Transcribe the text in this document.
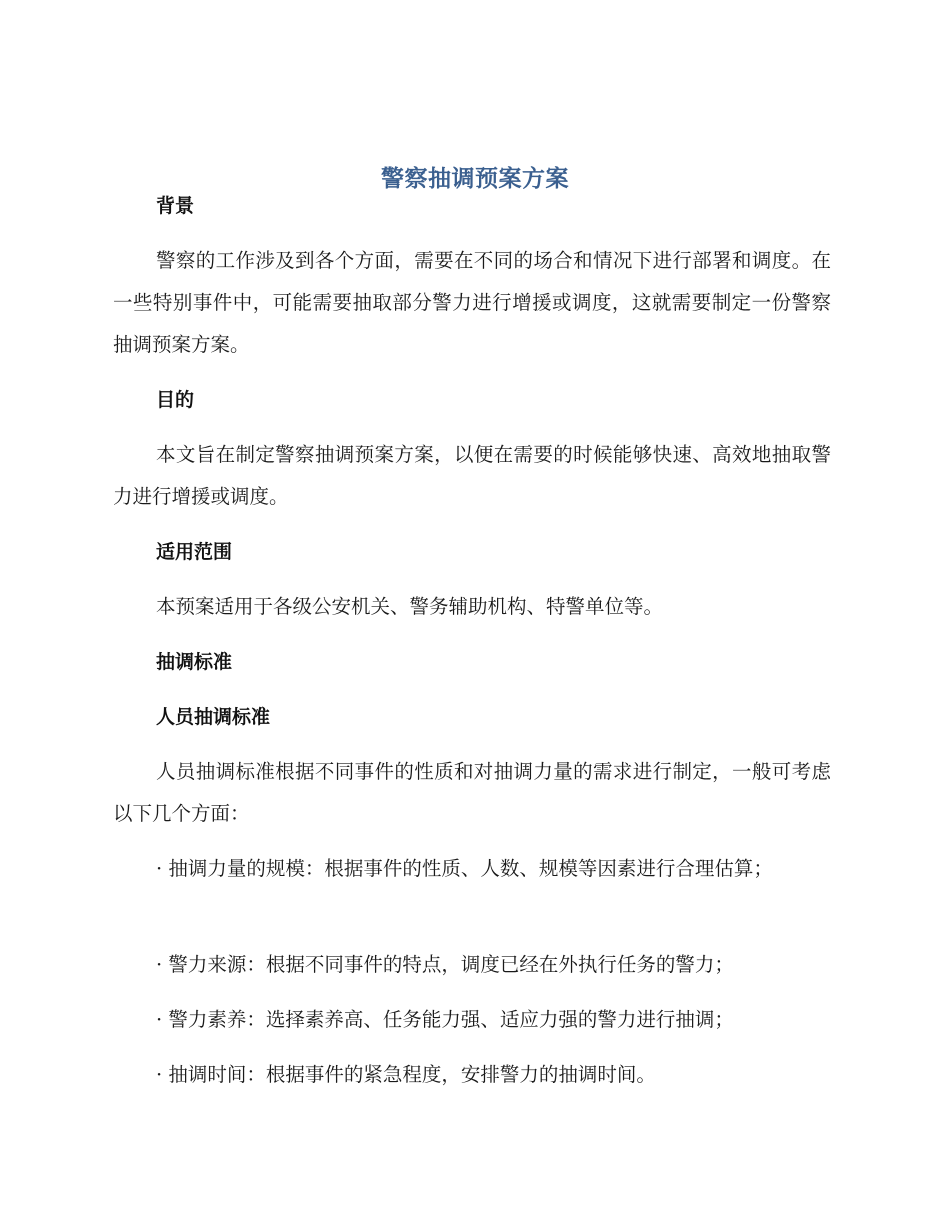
警察抽调预案方案
背景

警察的工作涉及到各个方面，需要在不同的场合和情况下进行部署和调度。在一些特别事件中，可能需要抽取部分警力进行增援或调度，这就需要制定一份警察抽调预案方案。

目的

本文旨在制定警察抽调预案方案，以便在需要的时候能够快速、高效地抽取警力进行增援或调度。

适用范围

本预案适用于各级公安机关、警务辅助机构、特警单位等。

抽调标准
人员抽调标准

人员抽调标准根据不同事件的性质和对抽调力量的需求进行制定，一般可考虑以下几个方面：

· 抽调力量的规模：根据事件的性质、人数、规模等因素进行合理估算；

· 警力来源：根据不同事件的特点，调度已经在外执行任务的警力；

· 警力素养：选择素养高、任务能力强、适应力强的警力进行抽调；

· 抽调时间：根据事件的紧急程度，安排警力的抽调时间。
